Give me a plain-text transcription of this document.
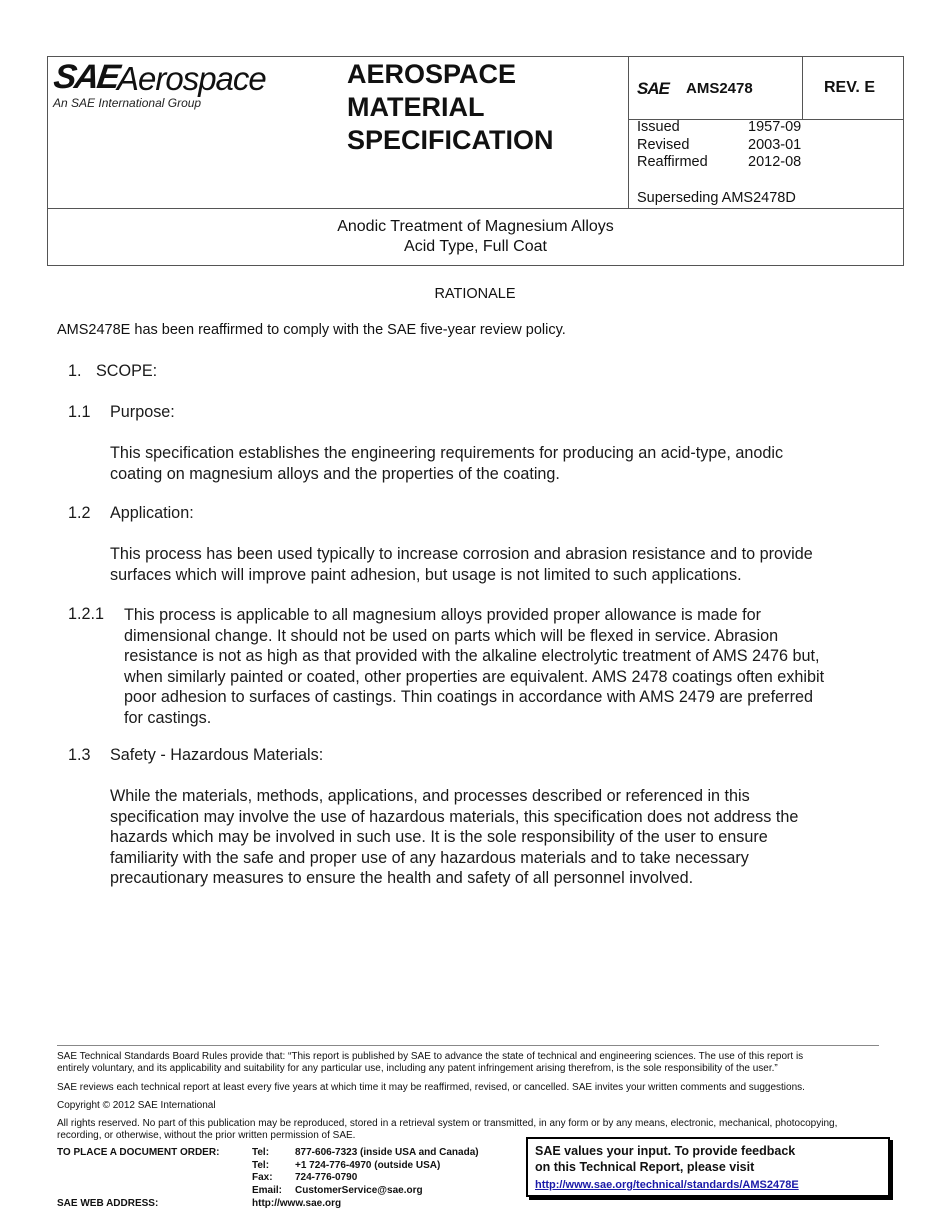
SAE
Aerospace
An SAE International Group
AEROSPACE
MATERIAL
SPECIFICATION
SAE AMS2478	REV. E
Issued	1957-09
Revised	2003-01
Reaffirmed	2012-08
Superseding AMS2478D
Anodic Treatment of Magnesium Alloys
Acid Type, Full Coat
RATIONALE
AMS2478E has been reaffirmed to comply with the SAE five-year review policy.
1. SCOPE:
1.1 Purpose:
This specification establishes the engineering requirements for producing an acid-type, anodic
coating on magnesium alloys and the properties of the coating.
1.2 Application:
This process has been used typically to increase corrosion and abrasion resistance and to provide
surfaces which will improve paint adhesion, but usage is not limited to such applications.
1.2.1 This process is applicable to all magnesium alloys provided proper allowance is made for
dimensional change. It should not be used on parts which will be flexed in service. Abrasion
resistance is not as high as that provided with the alkaline electrolytic treatment of AMS 2476 but,
when similarly painted or coated, other properties are equivalent. AMS 2478 coatings often exhibit
poor adhesion to surfaces of castings. Thin coatings in accordance with AMS 2479 are preferred
for castings.
1.3 Safety - Hazardous Materials:
While the materials, methods, applications, and processes described or referenced in this
specification may involve the use of hazardous materials, this specification does not address the
hazards which may be involved in such use. It is the sole responsibility of the user to ensure
familiarity with the safe and proper use of any hazardous materials and to take necessary
precautionary measures to ensure the health and safety of all personnel involved.
SAE Technical Standards Board Rules provide that: “This report is published by SAE to advance the state of technical and engineering sciences. The use of this report is
entirely voluntary, and its applicability and suitability for any particular use, including any patent infringement arising therefrom, is the sole responsibility of the user.”
SAE reviews each technical report at least every five years at which time it may be reaffirmed, revised, or cancelled. SAE invites your written comments and suggestions.
Copyright © 2012 SAE International
All rights reserved. No part of this publication may be reproduced, stored in a retrieval system or transmitted, in any form or by any means, electronic, mechanical, photocopying,
recording, or otherwise, without the prior written permission of SAE.
TO PLACE A DOCUMENT ORDER:	Tel:	877-606-7323 (inside USA and Canada)
Tel:	+1 724-776-4970 (outside USA)
Fax:	724-776-0790
Email:	CustomerService@sae.org
SAE WEB ADDRESS:	http://www.sae.org
SAE values your input. To provide feedback
on this Technical Report, please visit
http://www.sae.org/technical/standards/AMS2478E
